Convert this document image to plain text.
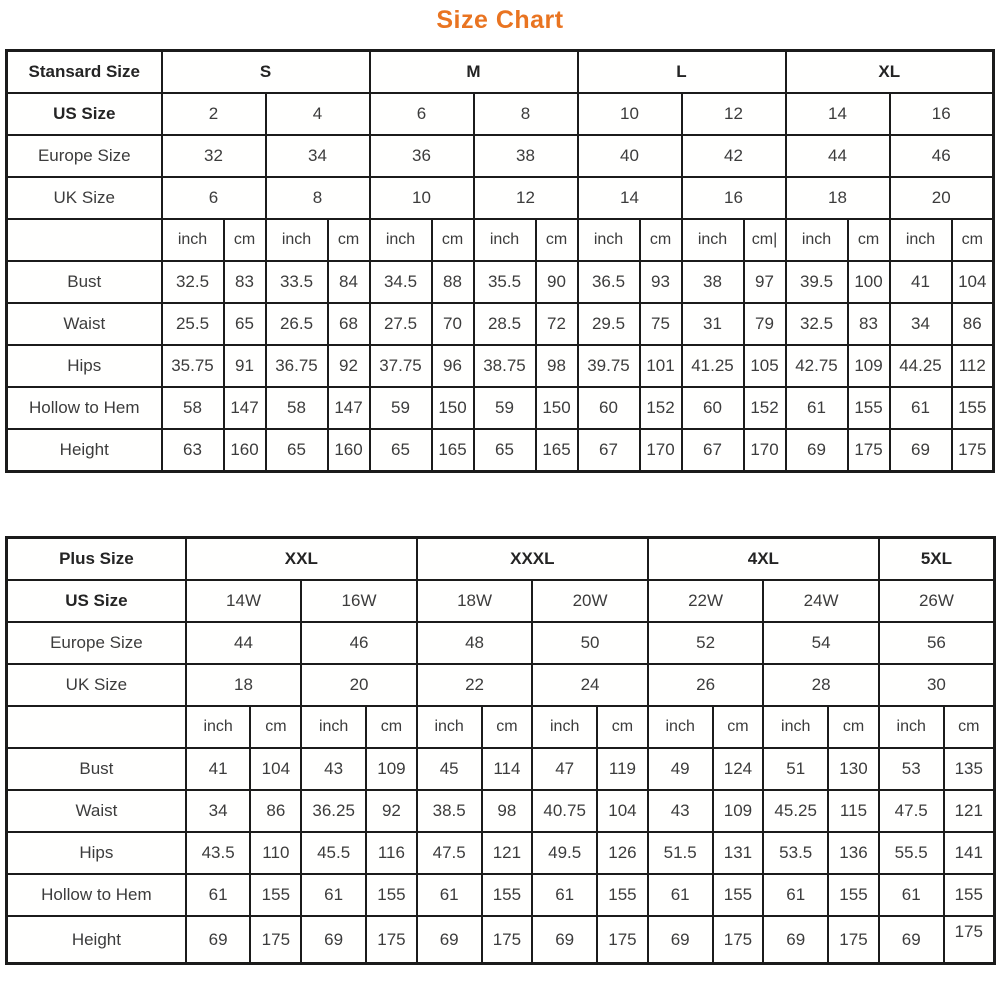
Size Chart
Stansard Size	S				M				L				XL			
US Size	2		4		6		8		10		12		14		16	
Europe Size	32		34		36		38		40		42		44		46	
UK Size	6		8		10		12		14		16		18		20	
	inch	cm	inch	cm	inch	cm	inch	cm	inch	cm	inch	cm|	inch	cm	inch	cm
Bust	32.5	83	33.5	84	34.5	88	35.5	90	36.5	93	38	97	39.5	100	41	104
Waist	25.5	65	26.5	68	27.5	70	28.5	72	29.5	75	31	79	32.5	83	34	86
Hips	35.75	91	36.75	92	37.75	96	38.75	98	39.75	101	41.25	105	42.75	109	44.25	112
Hollow to Hem	58	147	58	147	59	150	59	150	60	152	60	152	61	155	61	155
Height	63	160	65	160	65	165	65	165	67	170	67	170	69	175	69	175
Plus Size	XXL				XXXL				4XL				5XL	
US Size	14W		16W		18W		20W		22W		24W		26W	
Europe Size	44		46		48		50		52		54		56	
UK Size	18		20		22		24		26		28		30	
	inch	cm	inch	cm	inch	cm	inch	cm	inch	cm	inch	cm	inch	cm
Bust	41	104	43	109	45	114	47	119	49	124	51	130	53	135
Waist	34	86	36.25	92	38.5	98	40.75	104	43	109	45.25	115	47.5	121
Hips	43.5	110	45.5	116	47.5	121	49.5	126	51.5	131	53.5	136	55.5	141
Hollow to Hem	61	155	61	155	61	155	61	155	61	155	61	155	61	155
Height	69	175	69	175	69	175	69	175	69	175	69	175	69	175
